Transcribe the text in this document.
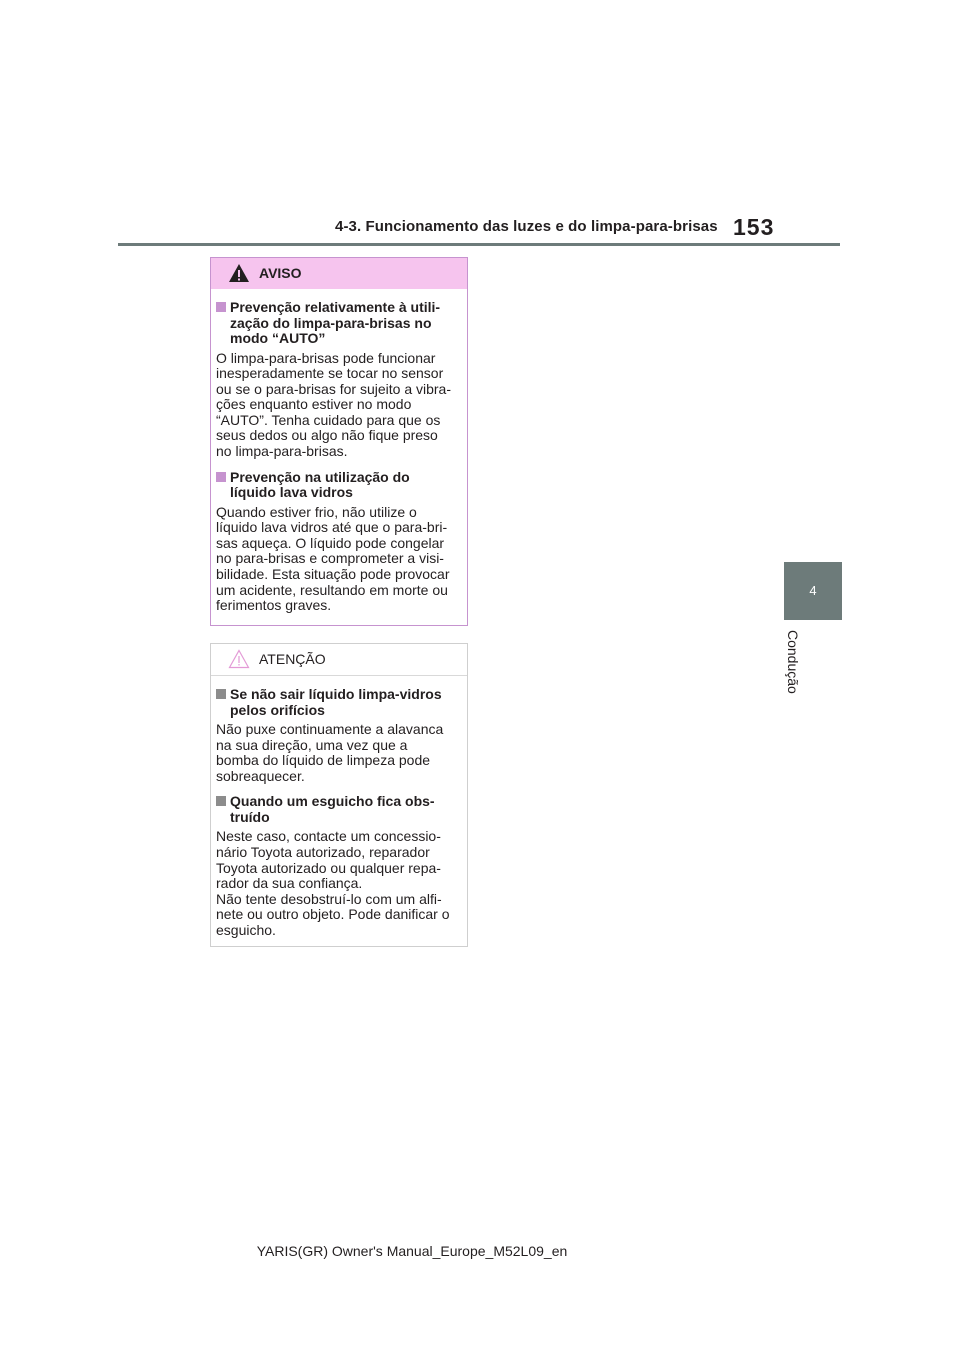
4-3. Funcionamento das luzes e do limpa-para-brisas 153
4
Condução
AVISO
Prevenção relativamente à utili-
zação do limpa-para-brisas no
modo “AUTO”
O limpa-para-brisas pode funcionar
inesperadamente se tocar no sensor
ou se o para-brisas for sujeito a vibra-
ções enquanto estiver no modo
“AUTO”. Tenha cuidado para que os
seus dedos ou algo não fique preso
no limpa-para-brisas.
Prevenção na utilização do
líquido lava vidros
Quando estiver frio, não utilize o
líquido lava vidros até que o para-bri-
sas aqueça. O líquido pode congelar
no para-brisas e comprometer a visi-
bilidade. Esta situação pode provocar
um acidente, resultando em morte ou
ferimentos graves.
ATENÇÃO
Se não sair líquido limpa-vidros
pelos orifícios
Não puxe continuamente a alavanca
na sua direção, uma vez que a
bomba do líquido de limpeza pode
sobreaquecer.
Quando um esguicho fica obs-
truído
Neste caso, contacte um concessio-
nário Toyota autorizado, reparador
Toyota autorizado ou qualquer repa-
rador da sua confiança.
Não tente desobstruí-lo com um alfi-
nete ou outro objeto. Pode danificar o
esguicho.
YARIS(GR) Owner's Manual_Europe_M52L09_en
